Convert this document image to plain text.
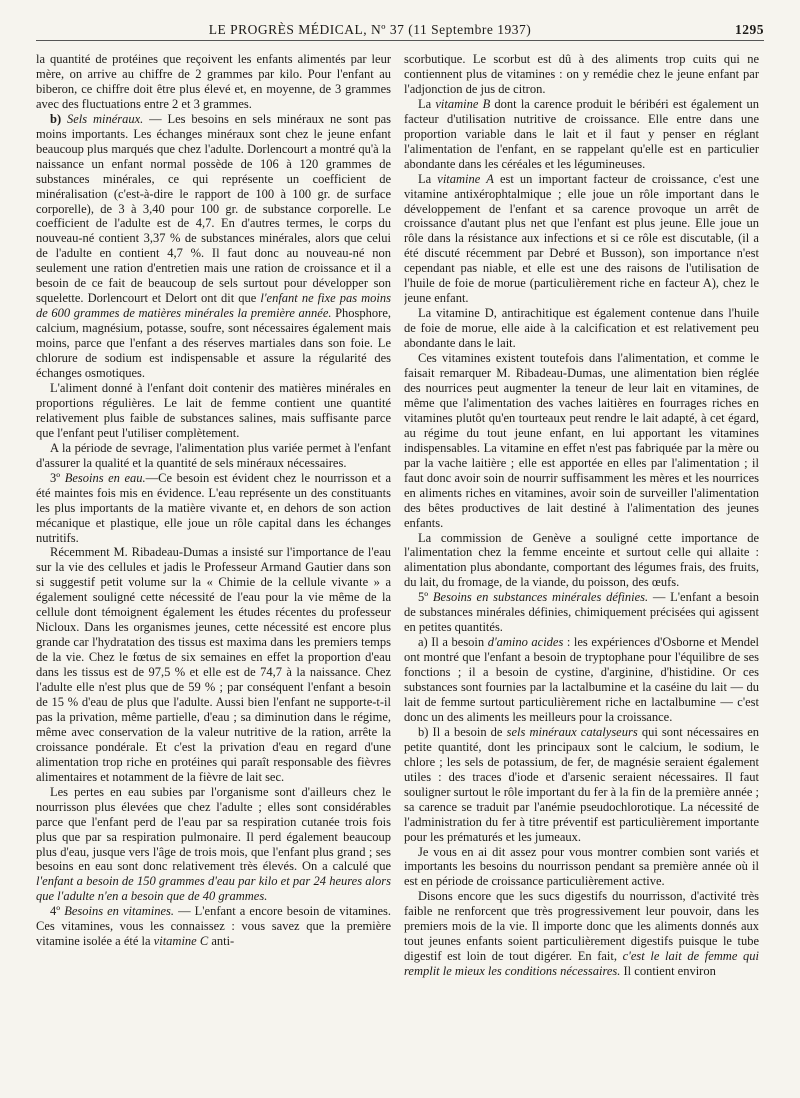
LE PROGRÈS MÉDICAL, Nº 37 (11 Septembre 1937)	1295

la quantité de protéines que reçoivent les enfants alimentés par leur mère, on arrive au chiffre de 2 grammes par kilo. Pour l'enfant au biberon, ce chiffre doit être plus élevé et, en moyenne, de 3 grammes avec des fluctuations entre 2 et 3 grammes.

b) Sels minéraux. — Les besoins en sels minéraux ne sont pas moins importants. Les échanges minéraux sont chez le jeune enfant beaucoup plus marqués que chez l'adulte. Dorlencourt a montré qu'à la naissance un enfant normal possède de 106 à 120 grammes de substances minérales, ce qui représente un coefficient de minéralisation (c'est-à-dire le rapport de 100 à 100 gr. de surface corporelle), de 3 à 3,40 pour 100 gr. de substance corporelle. Le coefficient de l'adulte est de 4,7. En d'autres termes, le corps du nouveau-né contient 3,37 % de substances minérales, alors que celui de l'adulte en contient 4,7 %. Il faut donc au nouveau-né non seulement une ration d'entretien mais une ration de croissance et il a besoin de ce fait de beaucoup de sels surtout pour développer son squelette. Dorlencourt et Delort ont dit que l'enfant ne fixe pas moins de 600 grammes de matières minérales la première année. Phosphore, calcium, magnésium, potasse, soufre, sont nécessaires également mais moins, parce que l'enfant a des réserves martiales dans son foie. Le chlorure de sodium est indispensable et assure la régularité des échanges osmotiques.

L'aliment donné à l'enfant doit contenir des matières minérales en proportions régulières. Le lait de femme contient une quantité relativement plus faible de substances salines, mais suffisante parce que l'enfant peut l'utiliser complètement.

A la période de sevrage, l'alimentation plus variée permet à l'enfant d'assurer la qualité et la quantité de sels minéraux nécessaires.

3º Besoins en eau.—Ce besoin est évident chez le nourrisson et a été maintes fois mis en évidence. L'eau représente un des constituants les plus importants de la matière vivante et, en dehors de son action mécanique et plastique, elle joue un rôle capital dans les échanges nutritifs.

Récemment M. Ribadeau-Dumas a insisté sur l'importance de l'eau sur la vie des cellules et jadis le Professeur Armand Gautier dans son si suggestif petit volume sur la « Chimie de la cellule vivante » a également souligné cette nécessité de l'eau pour la vie même de la cellule dont témoignent également les études récentes du professeur Nicloux. Dans les organismes jeunes, cette nécessité est encore plus grande car l'hydratation des tissus est maxima dans les premiers temps de la vie. Chez le fœtus de six semaines en effet la proportion d'eau dans les tissus est de 97,5 % et elle est de 74,7 à la naissance. Chez l'adulte elle n'est plus que de 59 % ; par conséquent l'enfant a besoin de 15 % d'eau de plus que l'adulte. Aussi bien l'enfant ne supporte-t-il pas la privation, même partielle, d'eau ; sa diminution dans le régime, même avec conservation de la valeur nutritive de la ration, arrête la croissance pondérale. Et c'est la privation d'eau en regard d'une alimentation trop riche en protéines qui paraît responsable des fièvres alimentaires et notamment de la fièvre de lait sec.

Les pertes en eau subies par l'organisme sont d'ailleurs chez le nourrisson plus élevées que chez l'adulte ; elles sont considérables parce que l'enfant perd de l'eau par sa respiration cutanée trois fois plus que par sa respiration pulmonaire. Il perd également beaucoup plus d'eau, jusque vers l'âge de trois mois, que l'enfant plus grand ; ses besoins en eau sont donc relativement très élevés. On a calculé que l'enfant a besoin de 150 grammes d'eau par kilo et par 24 heures alors que l'adulte n'en a besoin que de 40 grammes.

4º Besoins en vitamines. — L'enfant a encore besoin de vitamines. Ces vitamines, vous les connaissez : vous savez que la première vitamine isolée a été la vitamine C anti-

scorbutique. Le scorbut est dû à des aliments trop cuits qui ne contiennent plus de vitamines : on y remédie chez le jeune enfant par l'adjonction de jus de citron.

La vitamine B dont la carence produit le béribéri est également un facteur d'utilisation nutritive de croissance. Elle entre dans une proportion variable dans le lait et il faut y penser en réglant l'alimentation de l'enfant, en se rappelant qu'elle est en particulier abondante dans les céréales et les légumineuses.

La vitamine A est un important facteur de croissance, c'est une vitamine antixérophtalmique ; elle joue un rôle important dans le développement de l'enfant et sa carence provoque un arrêt de croissance d'autant plus net que l'enfant est plus jeune. Elle joue un rôle dans la résistance aux infections et si ce rôle est discutable, (il a été discuté récemment par Debré et Busson), son importance n'est cependant pas niable, et elle est une des raisons de l'utilisation de l'huile de foie de morue (particulièrement riche en facteur A), chez le jeune enfant.

La vitamine D, antirachitique est également contenue dans l'huile de foie de morue, elle aide à la calcification et est relativement peu abondante dans le lait.

Ces vitamines existent toutefois dans l'alimentation, et comme le faisait remarquer M. Ribadeau-Dumas, une alimentation bien réglée des nourrices peut augmenter la teneur de leur lait en vitamines, de même que l'alimentation des vaches laitières en fourrages riches en vitamines plutôt qu'en tourteaux peut rendre le lait adapté, à cet égard, au régime du tout jeune enfant, en lui apportant les vitamines indispensables. La vitamine en effet n'est pas fabriquée par la mère ou par la vache laitière ; elle est apportée en elles par l'alimentation ; il faut donc avoir soin de nourrir suffisamment les mères et les nourrices en aliments riches en vitamines, avoir soin de surveiller l'alimentation des bêtes productives de lait destiné à l'alimentation des jeunes enfants.

La commission de Genève a souligné cette importance de l'alimentation chez la femme enceinte et surtout celle qui allaite : alimentation plus abondante, comportant des légumes frais, des fruits, du lait, du fromage, de la viande, du poisson, des œufs.

5º Besoins en substances minérales définies. — L'enfant a besoin de substances minérales définies, chimiquement précisées qui agissent en petites quantités.

a) Il a besoin d'amino acides : les expériences d'Osborne et Mendel ont montré que l'enfant a besoin de tryptophane pour l'équilibre de ses fonctions ; il a besoin de cystine, d'arginine, d'histidine. Or ces substances sont fournies par la lactalbumine et la caséine du lait — du lait de femme surtout particulièrement riche en lactalbumine — c'est donc un des aliments les meilleurs pour la croissance.

b) Il a besoin de sels minéraux catalyseurs qui sont nécessaires en petite quantité, dont les principaux sont le calcium, le sodium, le chlore ; les sels de potassium, de fer, de magnésie seraient également utiles : des traces d'iode et d'arsenic seraient nécessaires. Il faut souligner surtout le rôle important du fer à la fin de la première année ; sa carence se traduit par l'anémie pseudochlorotique. La nécessité de l'administration du fer à titre préventif est particulièrement importante pour les prématurés et les jumeaux.

Je vous en ai dit assez pour vous montrer combien sont variés et importants les besoins du nourrisson pendant sa première année où il est en période de croissance particulièrement active.

Disons encore que les sucs digestifs du nourrisson, d'activité très faible ne renforcent que très progressivement leur pouvoir, dans les premiers mois de la vie. Il importe donc que les aliments donnés aux tout jeunes enfants soient particulièrement digestifs puisque le tube digestif est loin de tout digérer. En fait, c'est le lait de femme qui remplit le mieux les conditions nécessaires. Il contient environ
